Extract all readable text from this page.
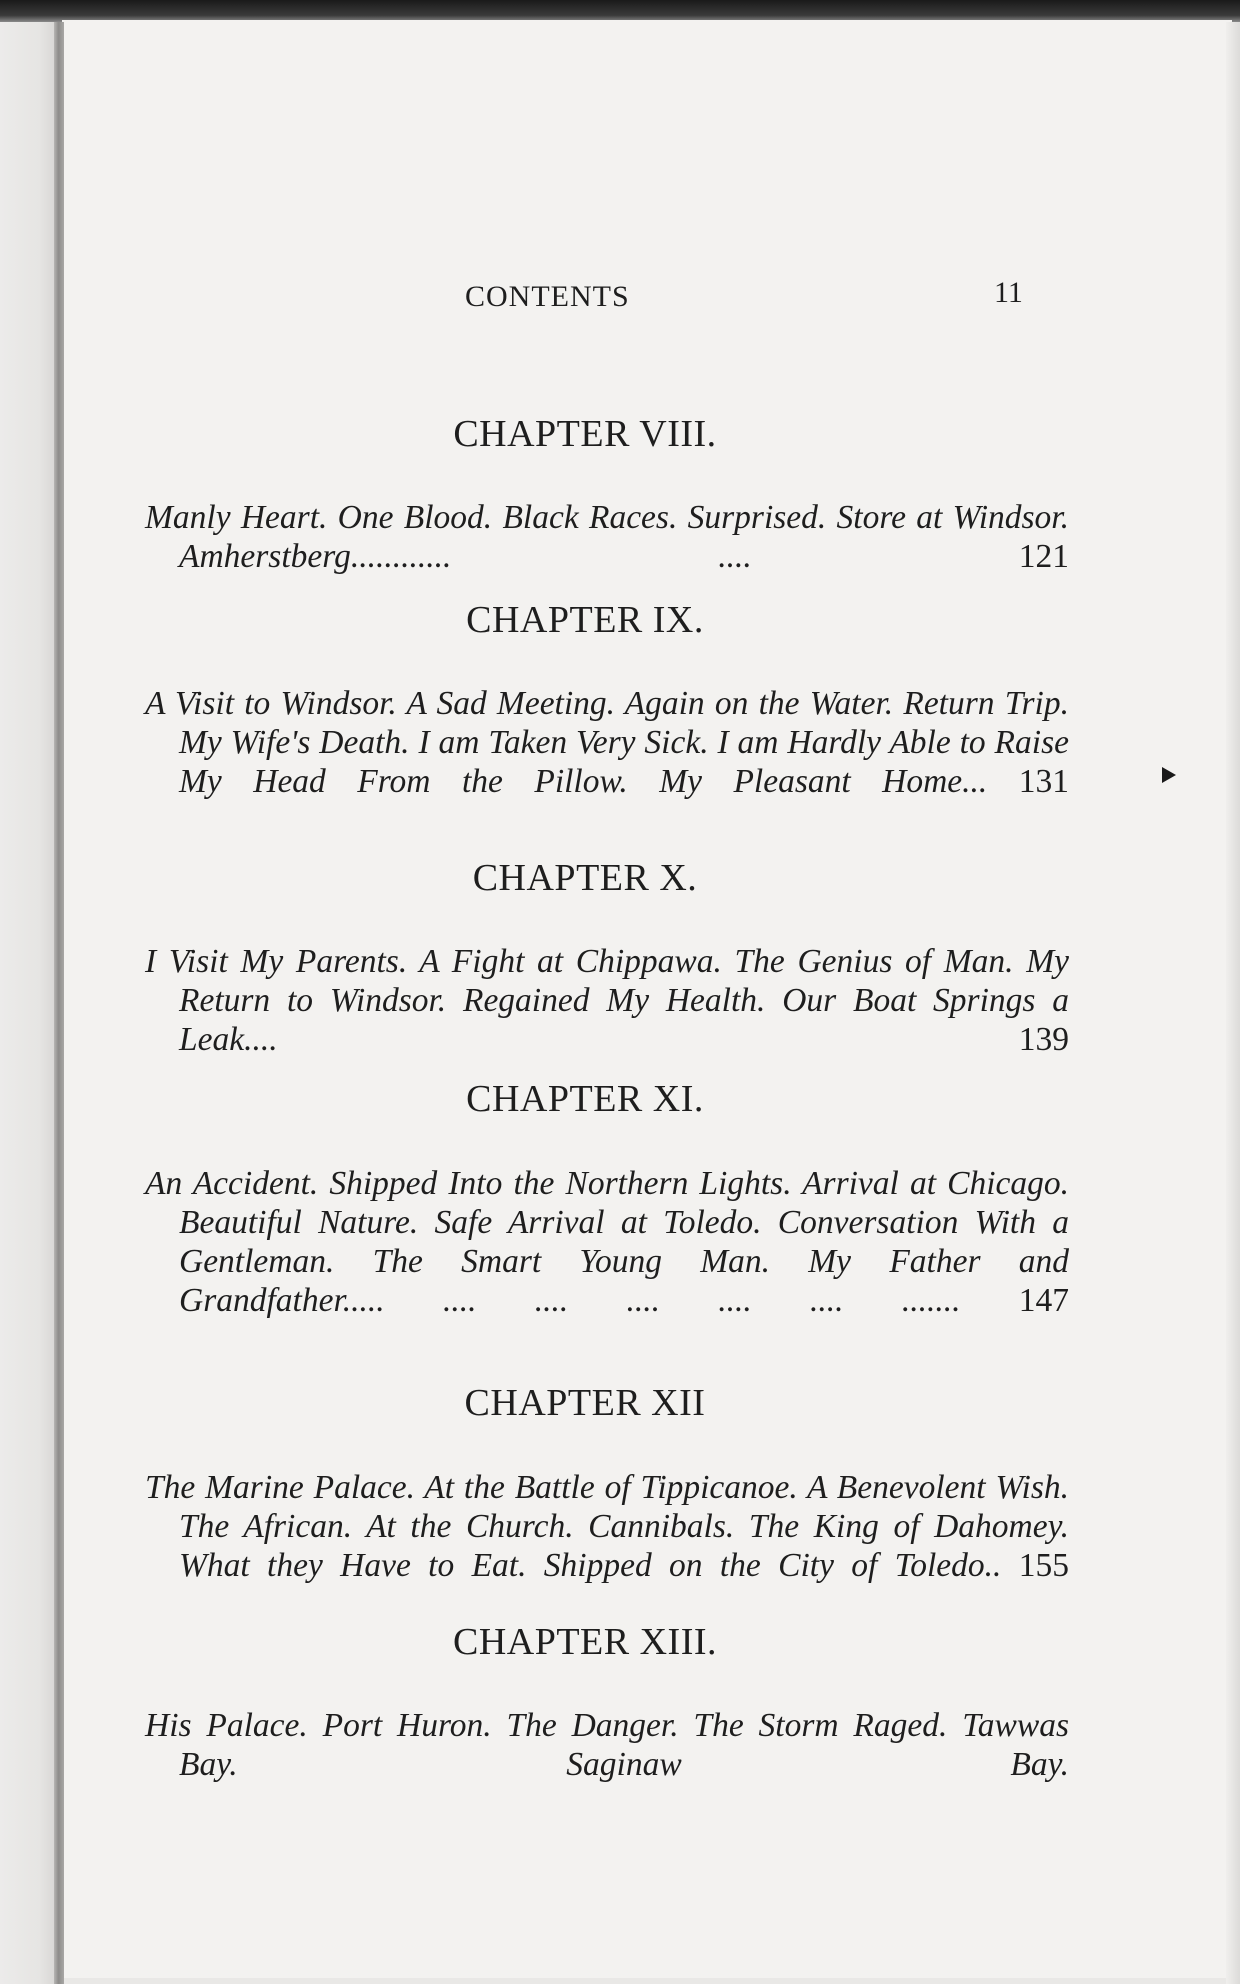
CONTENTS	11
CHAPTER VIII.

Manly Heart. One Blood. Black Races. Surprised. Store at Windsor. Amherstberg............ ....	121

CHAPTER IX.

A Visit to Windsor. A Sad Meeting. Again on the Water. Return Trip. My Wife's Death. I am Taken Very Sick. I am Hardly Able to Raise My Head From the Pillow. My Pleasant Home... 131

CHAPTER X.

I Visit My Parents. A Fight at Chippawa. The Genius of Man. My Return to Windsor. Regained My Health. Our Boat Springs a Leak....	139

CHAPTER XI.

An Accident. Shipped Into the Northern Lights. Arrival at Chicago. Beautiful Nature. Safe Arrival at Toledo. Conversation With a Gentleman. The Smart Young Man. My Father and Grandfather..... .... .... .... .... .... ....... 147

CHAPTER XII

The Marine Palace. At the Battle of Tippicanoe. A Benevolent Wish. The African. At the Church. Cannibals. The King of Dahomey. What they Have to Eat. Shipped on the City of Toledo.. 155

CHAPTER XIII.

His Palace. Port Huron. The Danger. The Storm Raged. Tawwas Bay. Saginaw Bay.
